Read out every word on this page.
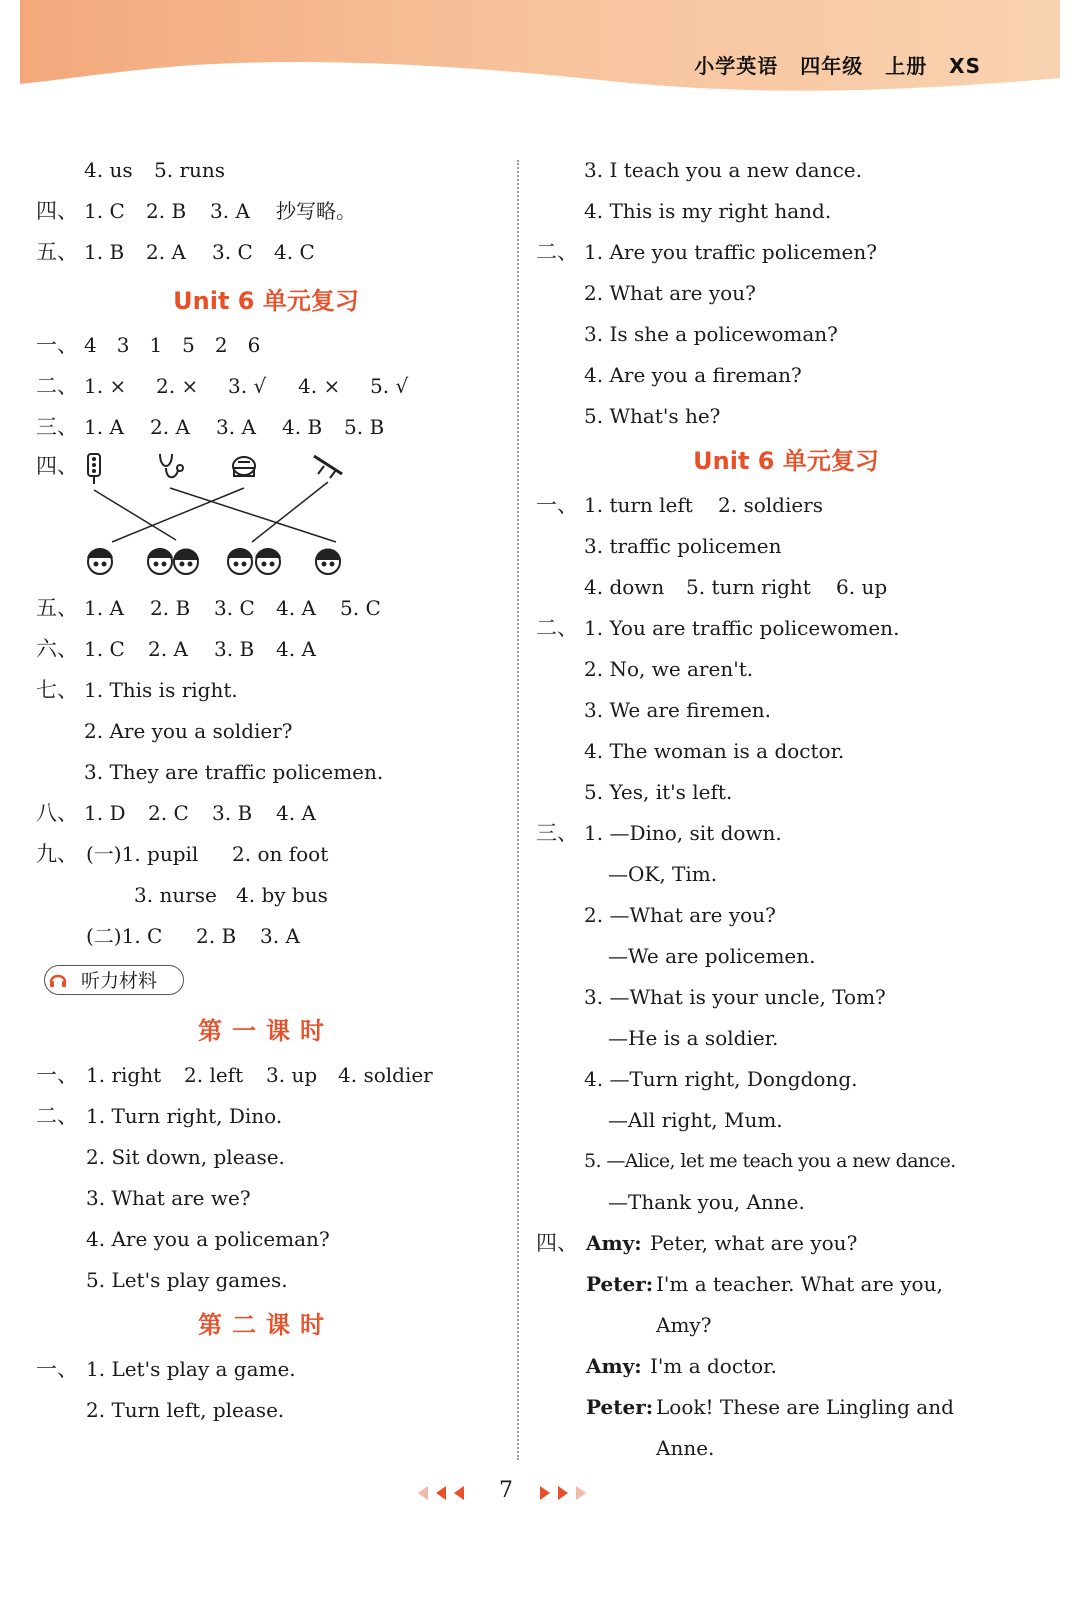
小学英语 四年级 上册 XS
4. us 5. runs
四、 1. C 2. B 3. A 抄写略。
五、 1. B 2. A 3. C 4. C
Unit 6 单元复习
一、 4　3　1　5　2　6
二、 1. × 2. × 3. √ 4. × 5. √
三、 1. A 2. A 3. A 4. B 5. B
四、
五、 1. A 2. B 3. C 4. A 5. C
六、 1. C 2. A 3. B 4. A
七、 1. This is right.
2. Are you a soldier?
3. They are traffic policemen.
八、 1. D 2. C 3. B 4. A
九、 (一)1. pupil 2. on foot
3. nurse 4. by bus
(二)1. C 2. B 3. A
听力材料
第一课时
一、 1. right 2. left 3. up 4. soldier
二、 1. Turn right, Dino.
2. Sit down, please.
3. What are we?
4. Are you a policeman?
5. Let's play games.
第二课时
一、 1. Let's play a game.
2. Turn left, please.
3. I teach you a new dance.
4. This is my right hand.
二、 1. Are you traffic policemen?
2. What are you?
3. Is she a policewoman?
4. Are you a fireman?
5. What's he?
Unit 6 单元复习
一、 1. turn left 2. soldiers
3. traffic policemen
4. down 5. turn right 6. up
二、 1. You are traffic policewomen.
2. No, we aren't.
3. We are firemen.
4. The woman is a doctor.
5. Yes, it's left.
三、 1. —Dino, sit down.
—OK, Tim.
2. —What are you?
—We are policemen.
3. —What is your uncle, Tom?
—He is a soldier.
4. —Turn right, Dongdong.
—All right, Mum.
5. —Alice, let me teach you a new dance.
—Thank you, Anne.
四、 Amy: Peter, what are you?
Peter: I'm a teacher. What are you,
Amy?
Amy: I'm a doctor.
Peter: Look! These are Lingling and
Anne.
7
